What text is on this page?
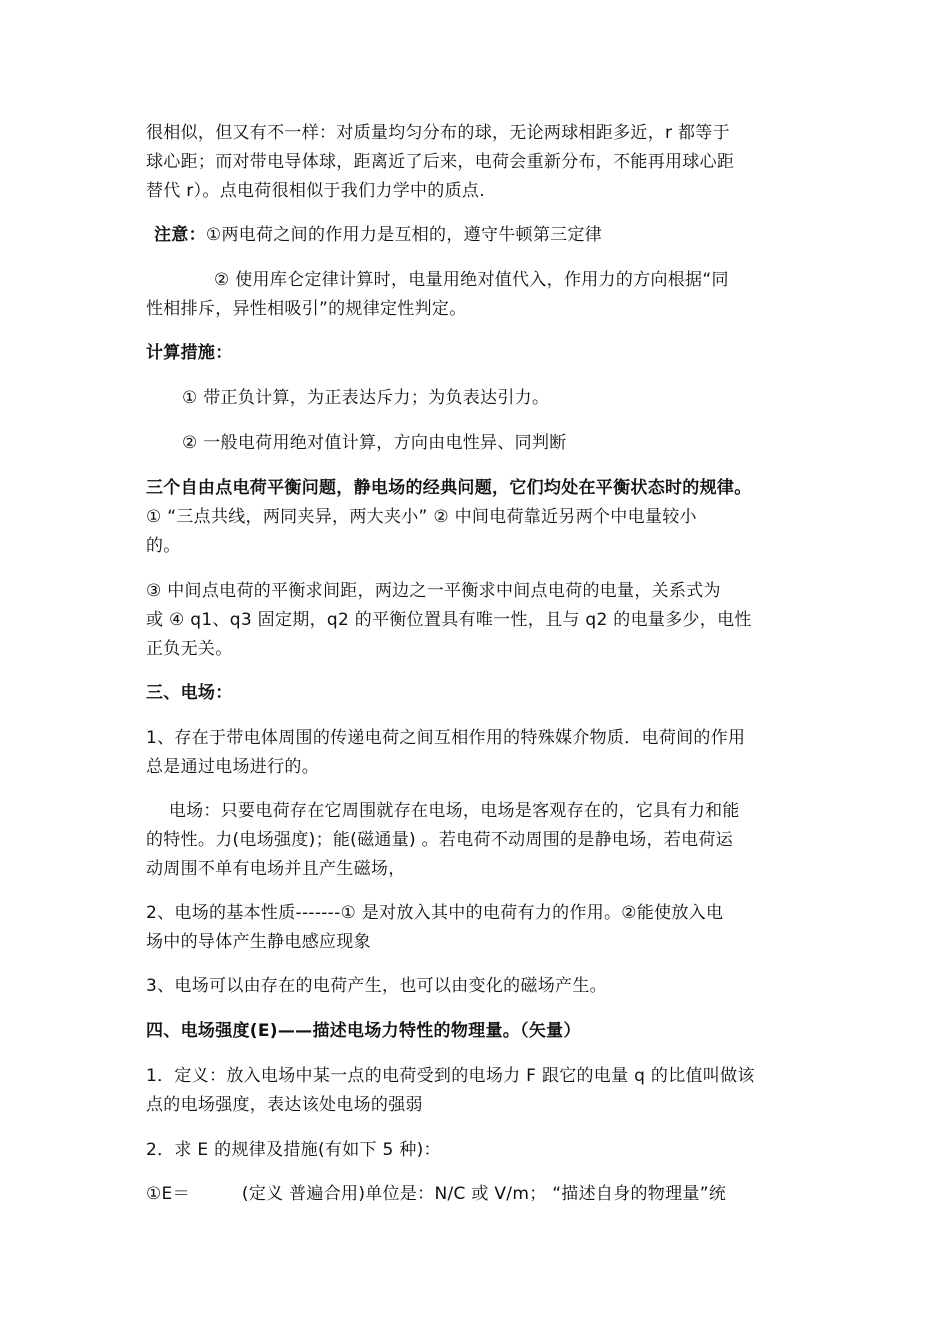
很相似，但又有不一样：对质量均匀分布的球，无论两球相距多近，r 都等于
球心距；而对带电导体球，距离近了后来，电荷会重新分布，不能再用球心距
替代 r）。点电荷很相似于我们力学中的质点.
注意：①两电荷之间的作用力是互相的，遵守牛顿第三定律
② 使用库仑定律计算时，电量用绝对值代入，作用力的方向根据“同
性相排斥，异性相吸引”的规律定性判定。
计算措施：
① 带正负计算，为正表达斥力；为负表达引力。
② 一般电荷用绝对值计算，方向由电性异、同判断
三个自由点电荷平衡问题，静电场的经典问题，它们均处在平衡状态时的规律。
① “三点共线，两同夹异，两大夹小” ② 中间电荷靠近另两个中电量较小
的。
③ 中间点电荷的平衡求间距，两边之一平衡求中间点电荷的电量，关系式为
或 ④ q1、q3 固定期，q2 的平衡位置具有唯一性，且与 q2 的电量多少，电性
正负无关。
三、电场：
1、存在于带电体周围的传递电荷之间互相作用的特殊媒介物质．电荷间的作用
总是通过电场进行的。
电场：只要电荷存在它周围就存在电场，电场是客观存在的，它具有力和能
的特性。力(电场强度)；能(磁通量) 。若电荷不动周围的是静电场，若电荷运
动周围不单有电场并且产生磁场，
2、电场的基本性质-------① 是对放入其中的电荷有力的作用。②能使放入电
场中的导体产生静电感应现象
3、电场可以由存在的电荷产生，也可以由变化的磁场产生。
四、电场强度(E)——描述电场力特性的物理量。（矢量）
1．定义：放入电场中某一点的电荷受到的电场力 F 跟它的电量 q 的比值叫做该
点的电场强度，表达该处电场的强弱
2．求 E 的规律及措施(有如下 5 种)：
①E＝	(定义 普遍合用)单位是：N/C 或 V/m； “描述自身的物理量”统
